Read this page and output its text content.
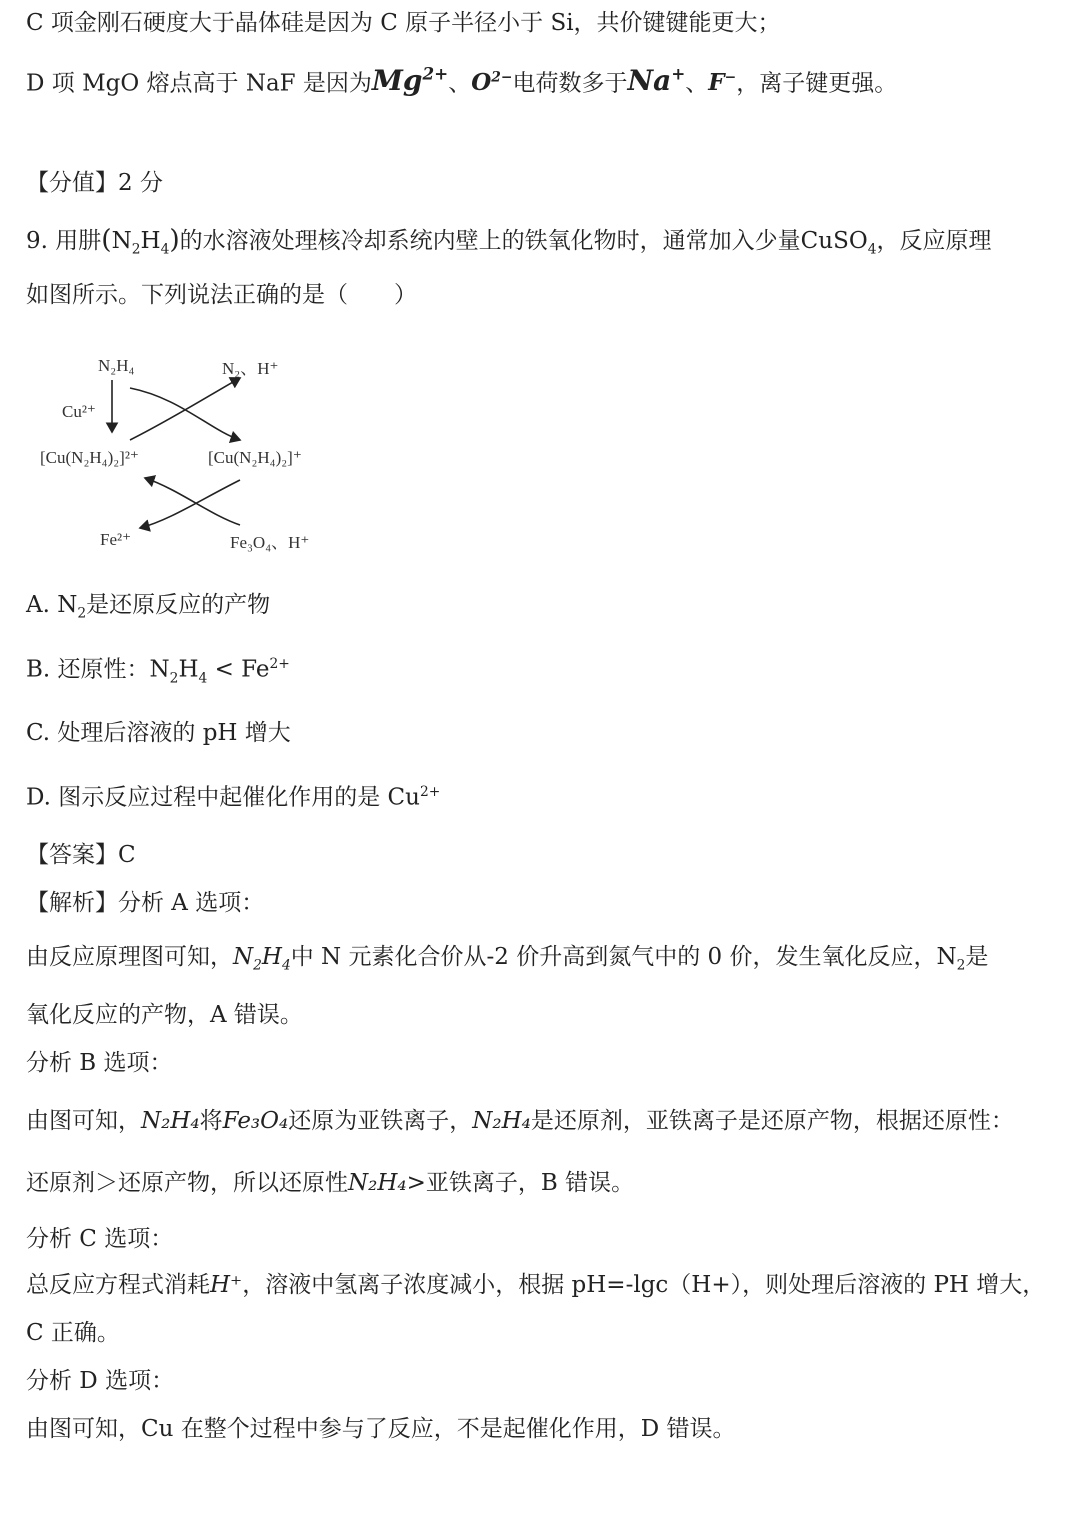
C 项金刚石硬度大于晶体硅是因为 C 原子半径小于 Si，共价键键能更大；
D 项 MgO 熔点高于 NaF 是因为$Mg^{2+}$、$O^{2-}$电荷数多于Na+、F−，离子键更强。
【分值】2 分
9. 用肼$(N_2H_4)$的水溶液处理核冷却系统内壁上的铁氧化物时，通常加入少量CuSO$_4$，反应原理
如图所示。下列说法正确的是（　　）
N₂H₄	N₂、H⁺
Cu²⁺
[Cu(N₂H₄)₂]²⁺	[Cu(N₂H₄)₂]⁺
Fe²⁺	Fe₃O₄、H⁺
A. $N_2$是还原反应的产物
B. 还原性：$N_2H_4 < Fe^{2+}$
C. 处理后溶液的 pH 增大
D. 图示反应过程中起催化作用的是 $Cu^{2+}$
【答案】C
【解析】分析 A 选项：
由反应原理图可知，$N_2H_4$中 N 元素化合价从-2 价升高到氮气中的 0 价，发生氧化反应，$N_2$是
氧化反应的产物，A 错误。
分析 B 选项：
由图可知，N₂H₄将Fe₃O₄还原为亚铁离子，N₂H₄是还原剂，亚铁离子是还原产物，根据还原性：
还原剂＞还原产物，所以还原性N₂H₄>亚铁离子，B 错误。
分析 C 选项：
总反应方程式消耗H⁺，溶液中氢离子浓度减小，根据 pH=-lgc（H+），则处理后溶液的 PH 增大，
C 正确。
分析 D 选项：
由图可知，Cu 在整个过程中参与了反应，不是起催化作用，D 错误。
